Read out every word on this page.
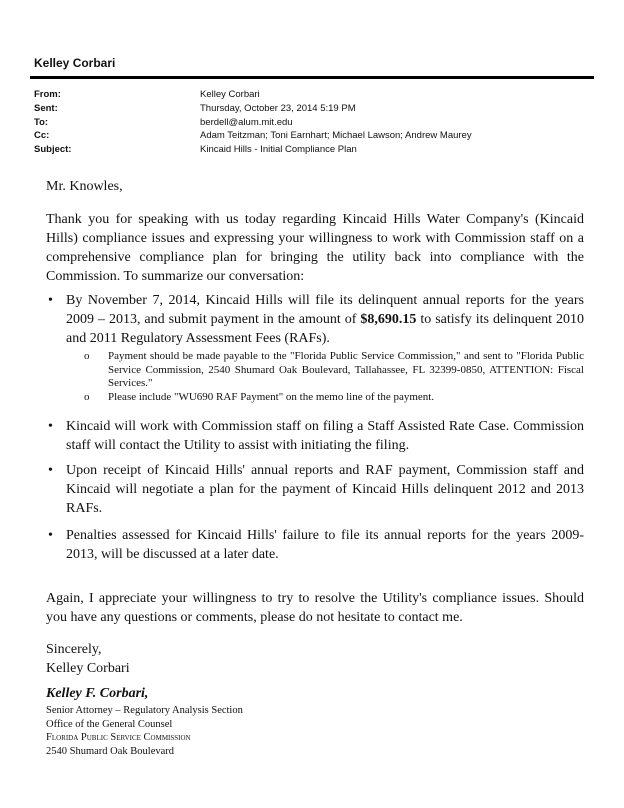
Kelley Corbari
From:	Kelley Corbari
Sent:	Thursday, October 23, 2014 5:19 PM
To:	berdell@alum.mit.edu
Cc:	Adam Teitzman; Toni Earnhart; Michael Lawson; Andrew Maurey
Subject:	Kincaid Hills - Initial Compliance Plan
Mr. Knowles,
Thank you for speaking with us today regarding Kincaid Hills Water Company's (Kincaid Hills) compliance issues and expressing your willingness to work with Commission staff on a comprehensive compliance plan for bringing the utility back into compliance with the Commission. To summarize our conversation:
• By November 7, 2014, Kincaid Hills will file its delinquent annual reports for the years 2009 – 2013, and submit payment in the amount of $8,690.15 to satisfy its delinquent 2010 and 2011 Regulatory Assessment Fees (RAFs).
o Payment should be made payable to the "Florida Public Service Commission," and sent to "Florida Public Service Commission, 2540 Shumard Oak Boulevard, Tallahassee, FL 32399-0850, ATTENTION: Fiscal Services."
o Please include "WU690 RAF Payment" on the memo line of the payment.
• Kincaid will work with Commission staff on filing a Staff Assisted Rate Case. Commission staff will contact the Utility to assist with initiating the filing.
• Upon receipt of Kincaid Hills' annual reports and RAF payment, Commission staff and Kincaid will negotiate a plan for the payment of Kincaid Hills delinquent 2012 and 2013 RAFs.
• Penalties assessed for Kincaid Hills' failure to file its annual reports for the years 2009-2013, will be discussed at a later date.
Again, I appreciate your willingness to try to resolve the Utility's compliance issues. Should you have any questions or comments, please do not hesitate to contact me.
Sincerely,
Kelley Corbari
Kelley F. Corbari,
Senior Attorney – Regulatory Analysis Section
Office of the General Counsel
Florida Public Service Commission
2540 Shumard Oak Boulevard
